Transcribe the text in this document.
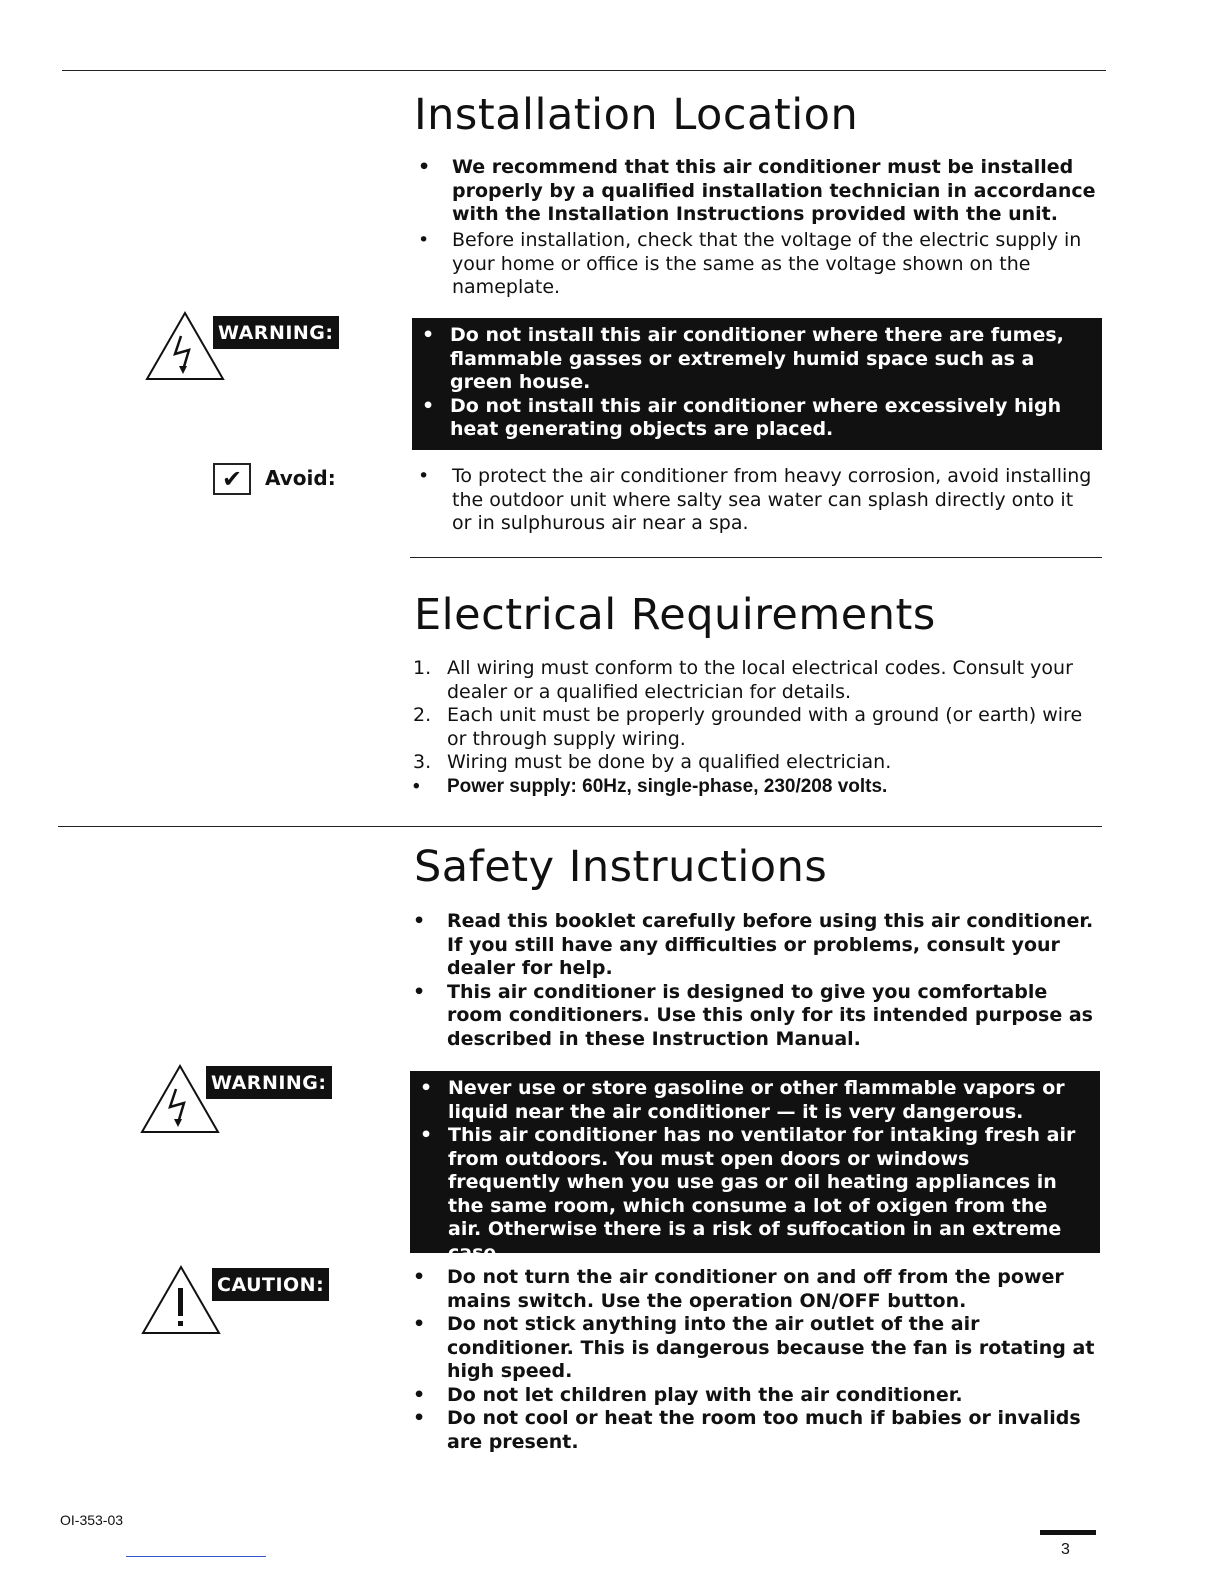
Installation Location
•	We recommend that this air conditioner must be installed properly by a qualified installation technician in accordance with the Installation Instructions provided with the unit.
•	Before installation, check that the voltage of the electric supply in your home or office is the same as the voltage shown on the nameplate.
WARNING:	• Do not install this air conditioner where there are fumes, flammable gasses or extremely humid space such as a green house.
• Do not install this air conditioner where excessively high heat generating objects are placed.
✔	Avoid:	•	To protect the air conditioner from heavy corrosion, avoid installing the outdoor unit where salty sea water can splash directly onto it or in sulphurous air near a spa.
Electrical Requirements
1. All wiring must conform to the local electrical codes. Consult your dealer or a qualified electrician for details.
2. Each unit must be properly grounded with a ground (or earth) wire or through supply wiring.
3. Wiring must be done by a qualified electrician.
•	Power supply: 60Hz, single-phase, 230/208 volts.
Safety Instructions
•	Read this booklet carefully before using this air conditioner. If you still have any difficulties or problems, consult your dealer for help.
•	This air conditioner is designed to give you comfortable room conditioners. Use this only for its intended purpose as described in these Instruction Manual.
WARNING:	• Never use or store gasoline or other flammable vapors or liquid near the air conditioner — it is very dangerous.
• This air conditioner has no ventilator for intaking fresh air from outdoors. You must open doors or windows frequently when you use gas or oil heating appliances in the same room, which consume a lot of oxigen from the air. Otherwise there is a risk of suffocation in an extreme case.
CAUTION:	•	Do not turn the air conditioner on and off from the power mains switch. Use the operation ON/OFF button.
•	Do not stick anything into the air outlet of the air conditioner. This is dangerous because the fan is rotating at high speed.
•	Do not let children play with the air conditioner.
•	Do not cool or heat the room too much if babies or invalids are present.
OI-353-03
3
